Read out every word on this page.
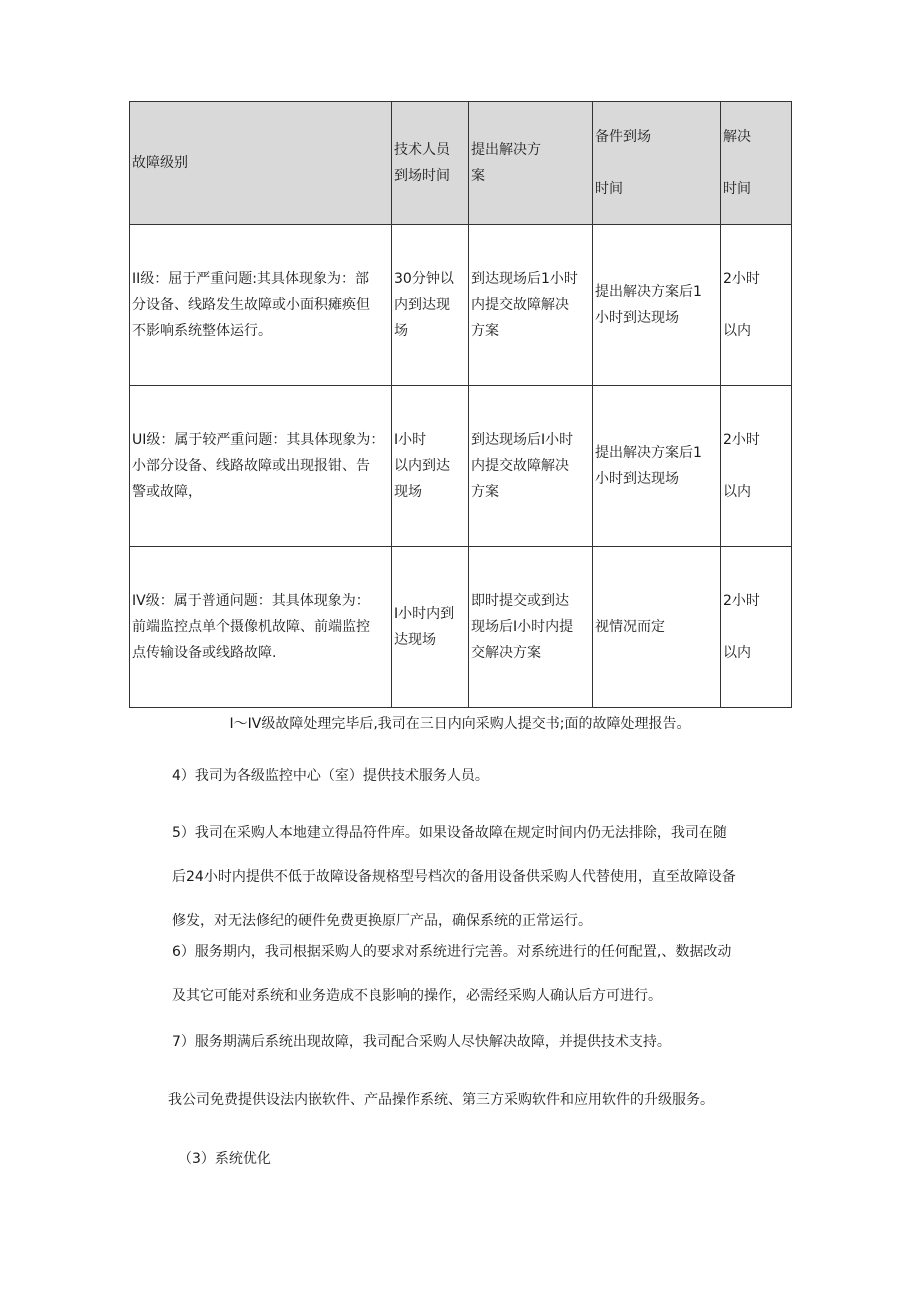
故障级别	技术人员
到场时间	提出解决方
案	备件到场

时间	解决

时间

II级：屈于严重问题:其具体现象为：部
分设备、线路发生故障或小面积瘫痪但
不影响系统整体运行。	30分钟以
内到达现
场	到达现场后1小时
内提交故障解决
方案	提出解决方案后1
小时到达现场	2小时

以内

UI级：属于较严重问题：其具体现象为：
小部分设备、线路故障或出现报钳、告
警或故障，	I小时
以内到达
现场	到达现场后I小时
内提交故障解决
方案	提出解决方案后1
小时到达现场	2小时

以内

IV级：属于普通问题：其具体现象为：
前端监控点单个摄像机故障、前端监控
点传输设备或线路故障.	I小时内到
达现场	即时提交或到达
现场后I小时内提
交解决方案	视情况而定	2小时

以内
I〜IV级故障处理完毕后,我司在三日内向采购人提交书;面的故障处理报告。
4）我司为各级监控中心（室）提供技术服务人员。
5）我司在采购人本地建立得品符件库。如果设备故障在规定时间内仍无法排除，我司在随
后24小时内提供不低于故障设备规格型号档次的备用设备供采购人代替使用，直至故障设备
修发，对无法修纪的硬件免费更换原厂产品，确保系统的正常运行。
6）服务期内，我司根据采购人的要求对系统进行完善。对系统进行的任何配置,、数据改动
及其它可能对系统和业务造成不良影响的操作，必需经采购人确认后方可进行。
7）服务期满后系统出现故障，我司配合采购人尽快解决故障，并提供技术支持。
我公司免费提供设法内嵌软件、产品操作系统、第三方采购软件和应用软件的升级服务。
（3）系统优化
